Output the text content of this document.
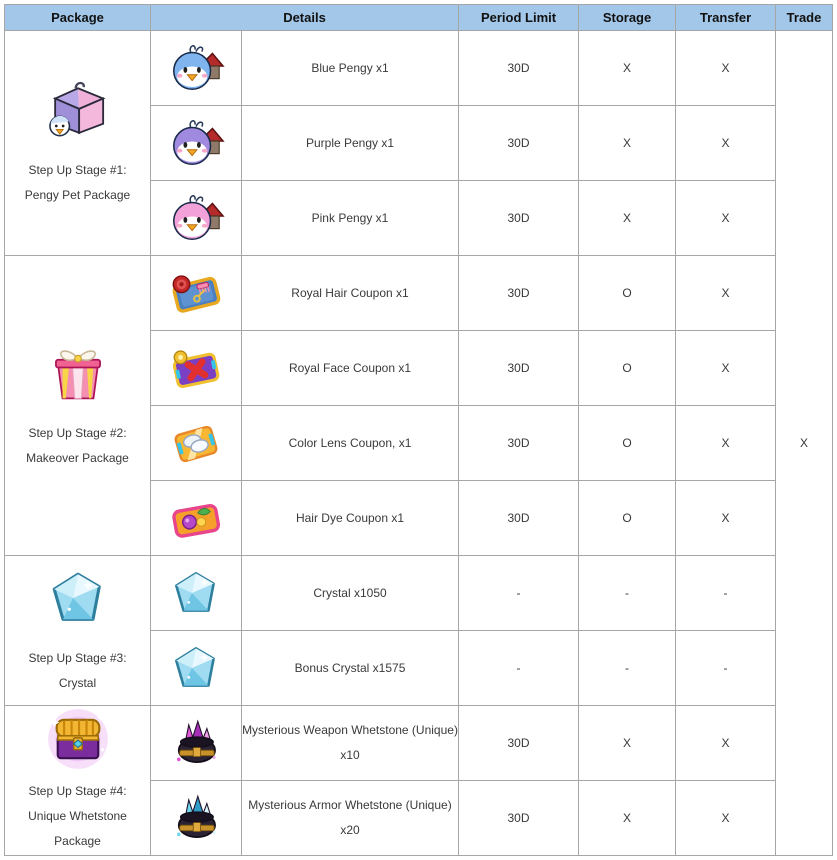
Package	Details		Period Limit	Storage	Transfer	Trade

Step Up Stage #1:
Pengy Pet Package		Blue Pengy x1	30D	X	X	X

	Purple Pengy x1	30D	X	X	

	Pink Pengy x1	30D	X	X	

Step Up Stage #2:
Makeover Package		Royal Hair Coupon x1	30D	O	X	

	Royal Face Coupon x1	30D	O	X	

	Color Lens Coupon, x1	30D	O	X	

	Hair Dye Coupon x1	30D	O	X	

Step Up Stage #3:
Crystal		Crystal x1050	-	-	-	

	Bonus Crystal x1575	-	-	-	

Step Up Stage #4:
Unique Whetstone
Package		Mysterious Weapon Whetstone (Unique) x10	30D	X	X	

	Mysterious Armor Whetstone (Unique) x20	30D	X	X	
